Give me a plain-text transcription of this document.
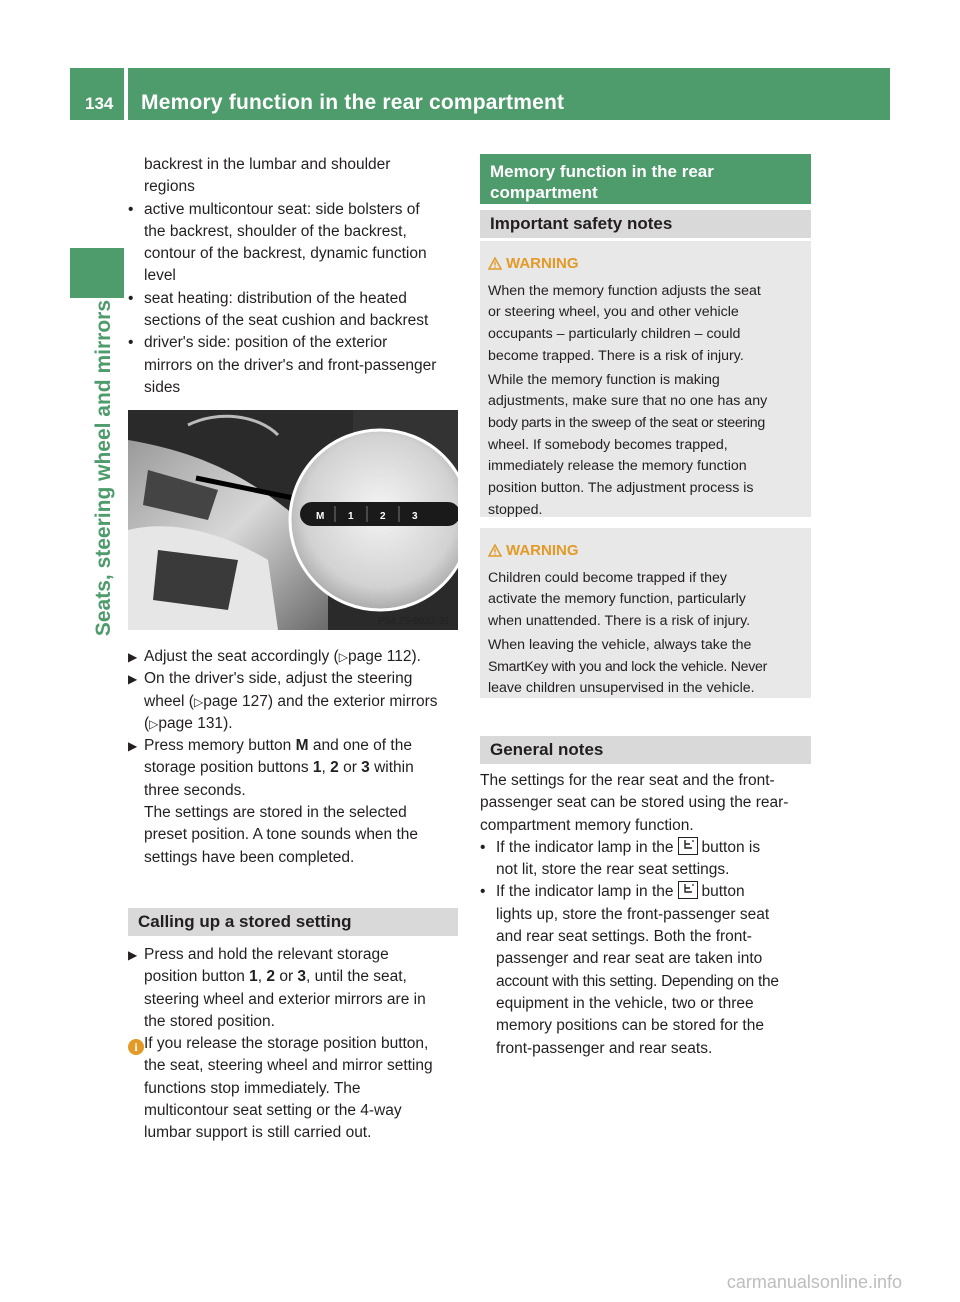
134 Memory function in the rear compartment
Seats, steering wheel and mirrors

backrest in the lumbar and shoulder

regions

• active multicontour seat: side bolsters of

the backrest, shoulder of the backrest,

contour of the backrest, dynamic function

level

• seat heating: distribution of the heated

sections of the seat cushion and backrest

• driver's side: position of the exterior

mirrors on the driver's and front-passenger

sides

M 1	2	3
P54.25-9032-31
▶ Adjust the seat accordingly (▷page 112).

▶ On the driver's side, adjust the steering

wheel (▷page 127) and the exterior mirrors

(▷page 131).

▶ Press memory button M and one of the

storage position buttons 1, 2 or 3 within

three seconds.

The settings are stored in the selected

preset position. A tone sounds when the

settings have been completed.

Calling up a stored setting
▶ Press and hold the relevant storage

position button 1, 2 or 3, until the seat,

steering wheel and exterior mirrors are in

the stored position.

i If you release the storage position button,

the seat, steering wheel and mirror setting

functions stop immediately. The

multicontour seat setting or the 4-way

lumbar support is still carried out.

Memory function in the rear
compartment
Important safety notes
WARNING

When the memory function adjusts the seat
or steering wheel, you and other vehicle
occupants – particularly children – could
become trapped. There is a risk of injury.

While the memory function is making
adjustments, make sure that no one has any
body parts in the sweep of the seat or steering
wheel. If somebody becomes trapped,
immediately release the memory function
position button. The adjustment process is
stopped.

WARNING

Children could become trapped if they
activate the memory function, particularly
when unattended. There is a risk of injury.

When leaving the vehicle, always take the
SmartKey with you and lock the vehicle. Never
leave children unsupervised in the vehicle.

General notes

The settings for the rear seat and the front-

passenger seat can be stored using the rear-

compartment memory function.

• If the indicator lamp in the button is

not lit, store the rear seat settings.

• If the indicator lamp in the button

lights up, store the front-passenger seat

and rear seat settings. Both the front-

passenger and rear seat are taken into

account with this setting. Depending on the

equipment in the vehicle, two or three

memory positions can be stored for the

front-passenger and rear seats.

carmanualsonline.info
